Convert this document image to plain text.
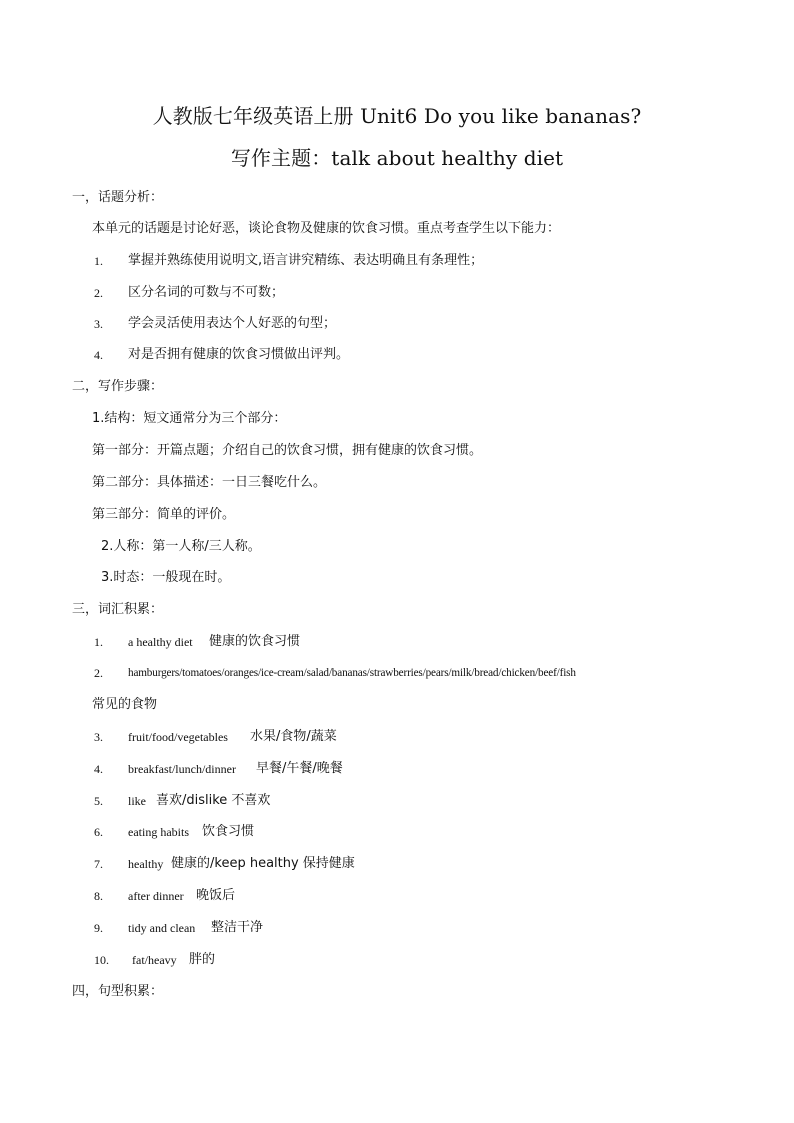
人教版七年级英语上册 Unit6 Do you like bananas?
写作主题：talk about healthy diet
一，话题分析：
本单元的话题是讨论好恶，谈论食物及健康的饮食习惯。重点考查学生以下能力：
1. 掌握并熟练使用说明文,语言讲究精练、表达明确且有条理性；
2. 区分名词的可数与不可数；
3. 学会灵活使用表达个人好恶的句型；
4. 对是否拥有健康的饮食习惯做出评判。
二，写作步骤：
1.结构：短文通常分为三个部分：
第一部分：开篇点题；介绍自己的饮食习惯，拥有健康的饮食习惯。
第二部分：具体描述：一日三餐吃什么。
第三部分：简单的评价。
2.人称：第一人称/三人称。
3.时态：一般现在时。
三，词汇积累：
1. a healthy diet 健康的饮食习惯
2. hamburgers/tomatoes/oranges/ice-cream/salad/bananas/strawberries/pears/milk/bread/chicken/beef/fish
常见的食物
3. fruit/food/vegetables 水果/食物/蔬菜
4. breakfast/lunch/dinner 早餐/午餐/晚餐
5. like 喜欢/dislike 不喜欢
6. eating habits 饮食习惯
7. healthy 健康的/keep healthy 保持健康
8. after dinner 晚饭后
9. tidy and clean 整洁干净
10. fat/heavy 胖的
四，句型积累：
